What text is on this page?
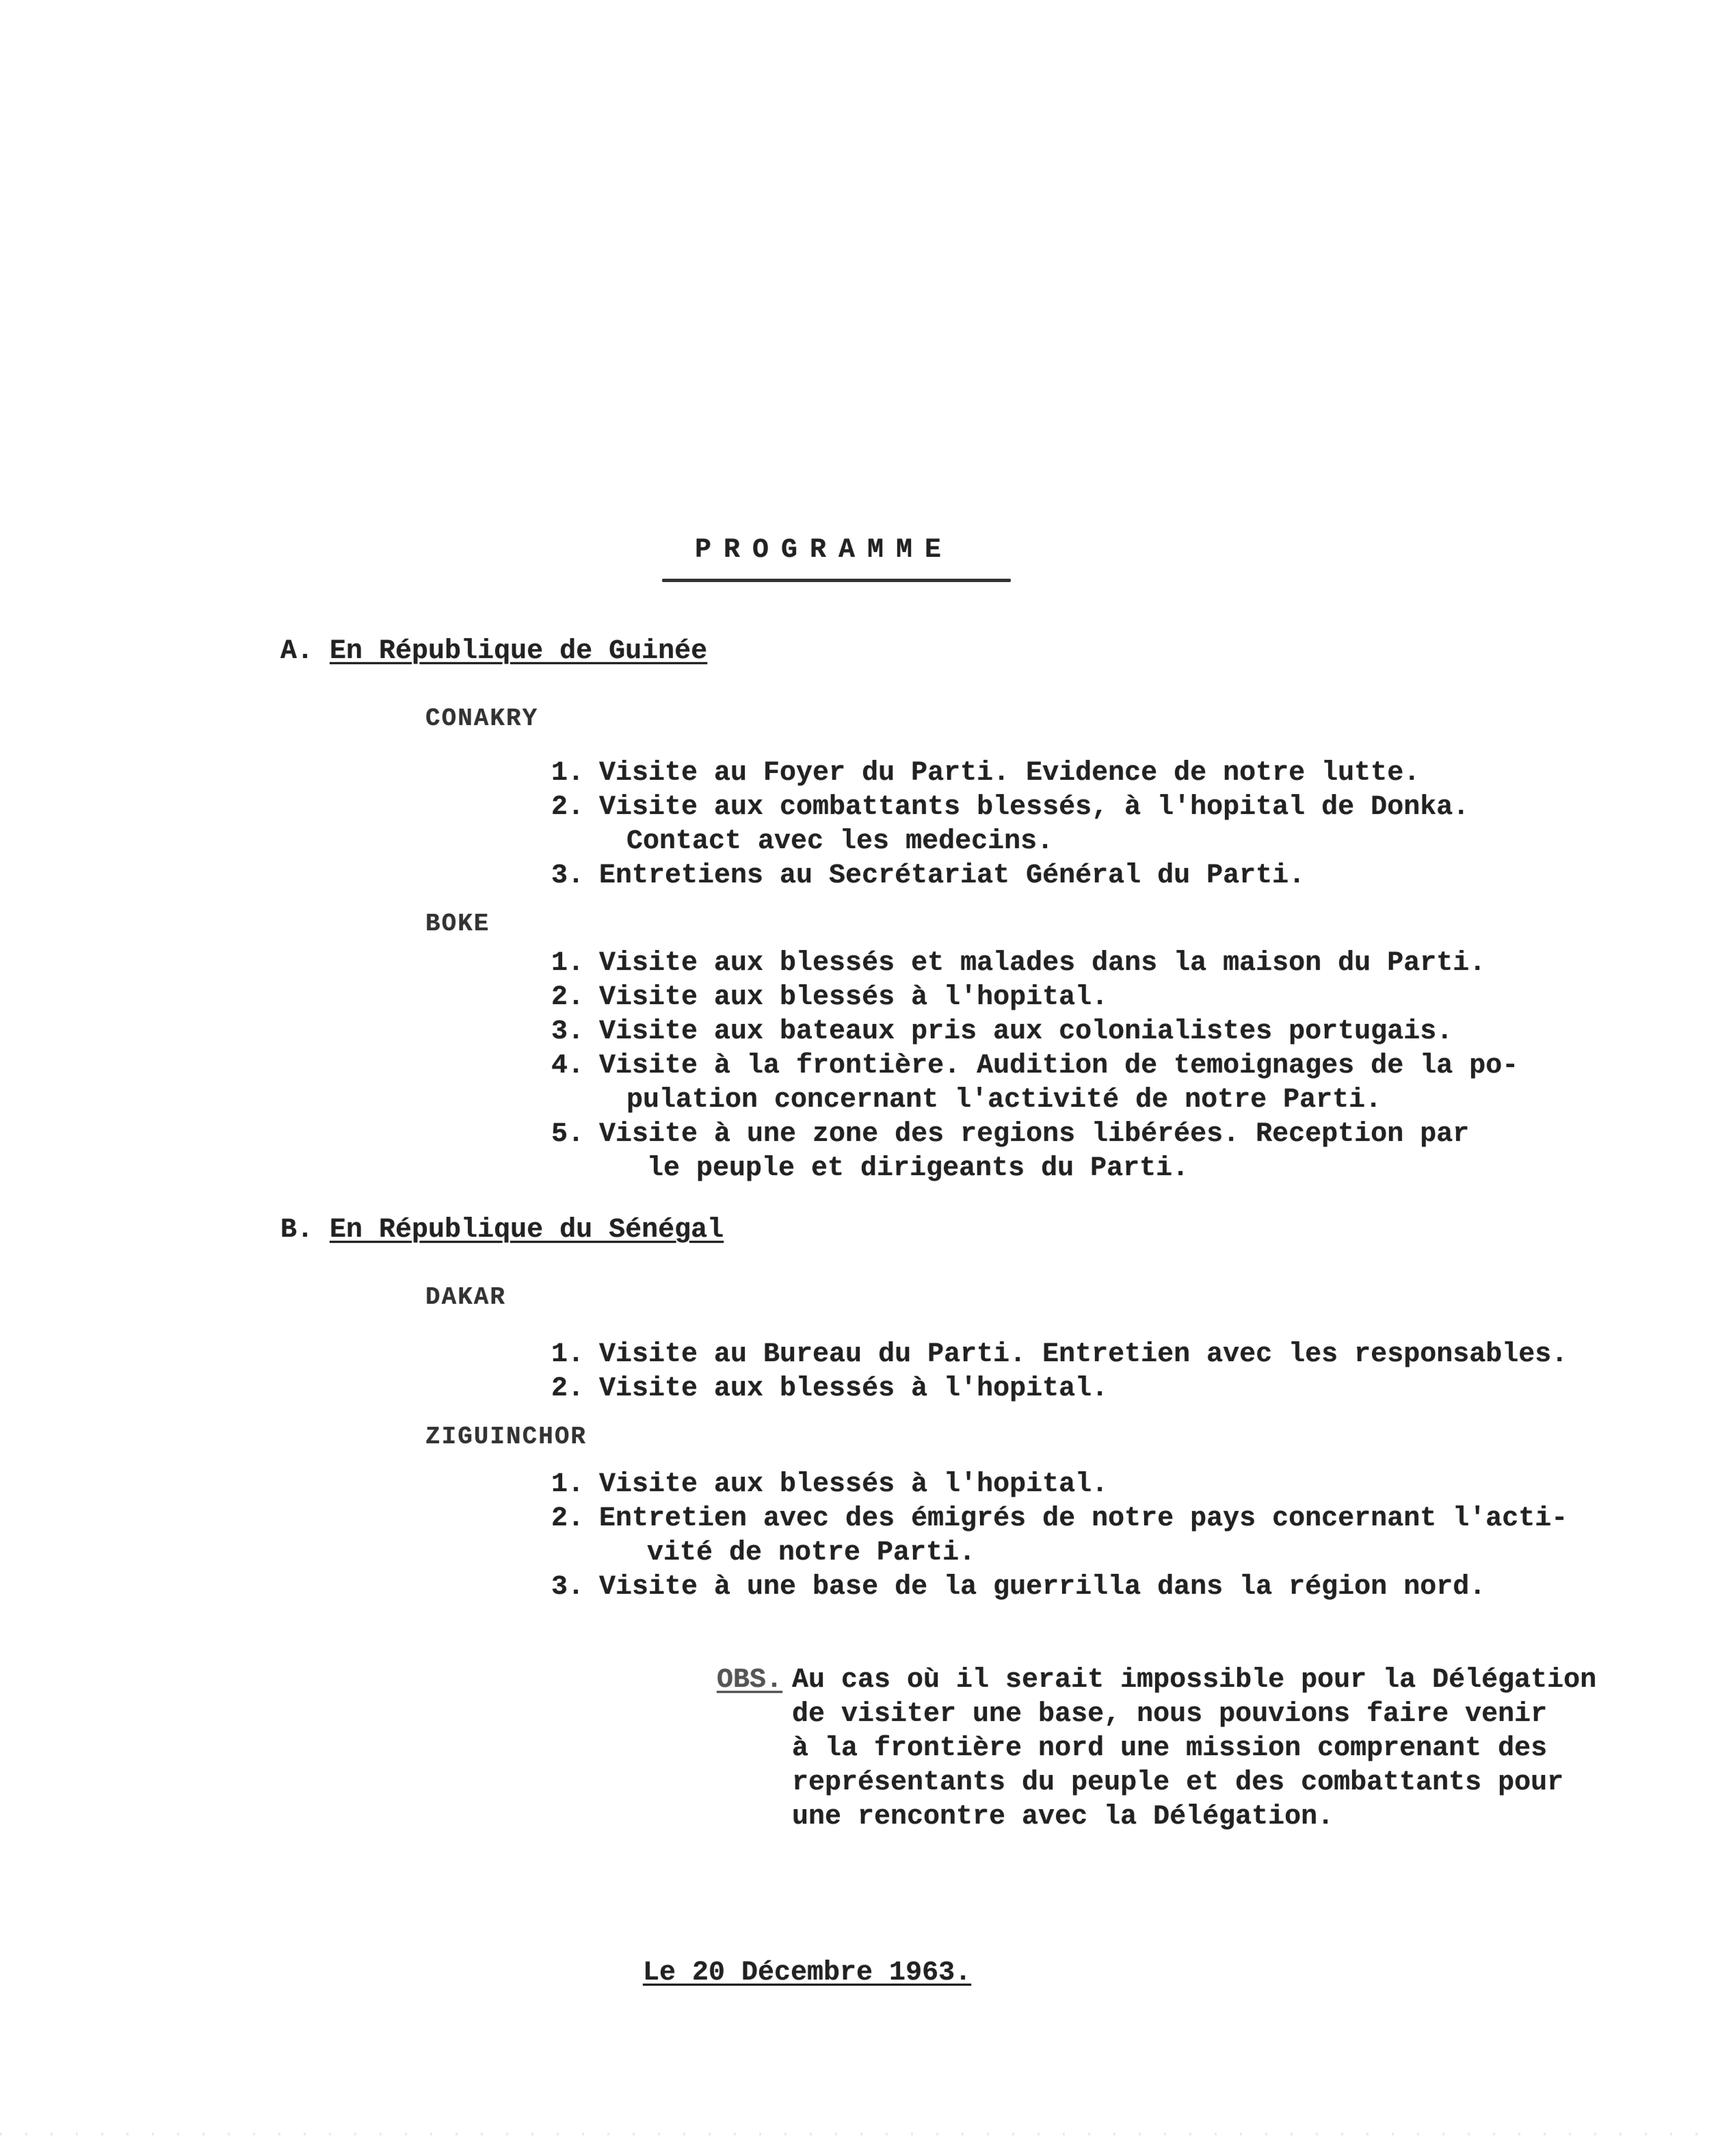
PROGRAMME
A. En République de Guinée
CONAKRY
1. Visite au Foyer du Parti. Evidence de notre lutte.
2. Visite aux combattants blessés, à l'hopital de Donka.
Contact avec les medecins.
3. Entretiens au Secrétariat Général du Parti.
BOKE
1. Visite aux blessés et malades dans la maison du Parti.
2. Visite aux blessés à l'hopital.
3. Visite aux bateaux pris aux colonialistes portugais.
4. Visite à la frontière. Audition de temoignages de la po-
pulation concernant l'activité de notre Parti.
5. Visite à une zone des regions libérées. Reception par
le peuple et dirigeants du Parti.
B. En République du Sénégal
DAKAR
1. Visite au Bureau du Parti. Entretien avec les responsables.
2. Visite aux blessés à l'hopital.
ZIGUINCHOR
1. Visite aux blessés à l'hopital.
2. Entretien avec des émigrés de notre pays concernant l'acti-
vité de notre Parti.
3. Visite à une base de la guerrilla dans la région nord.
OBS. Au cas où il serait impossible pour la Délégation
de visiter une base, nous pouvions faire venir
à la frontière nord une mission comprenant des
représentants du peuple et des combattants pour
une rencontre avec la Délégation.
Le 20 Décembre 1963.
